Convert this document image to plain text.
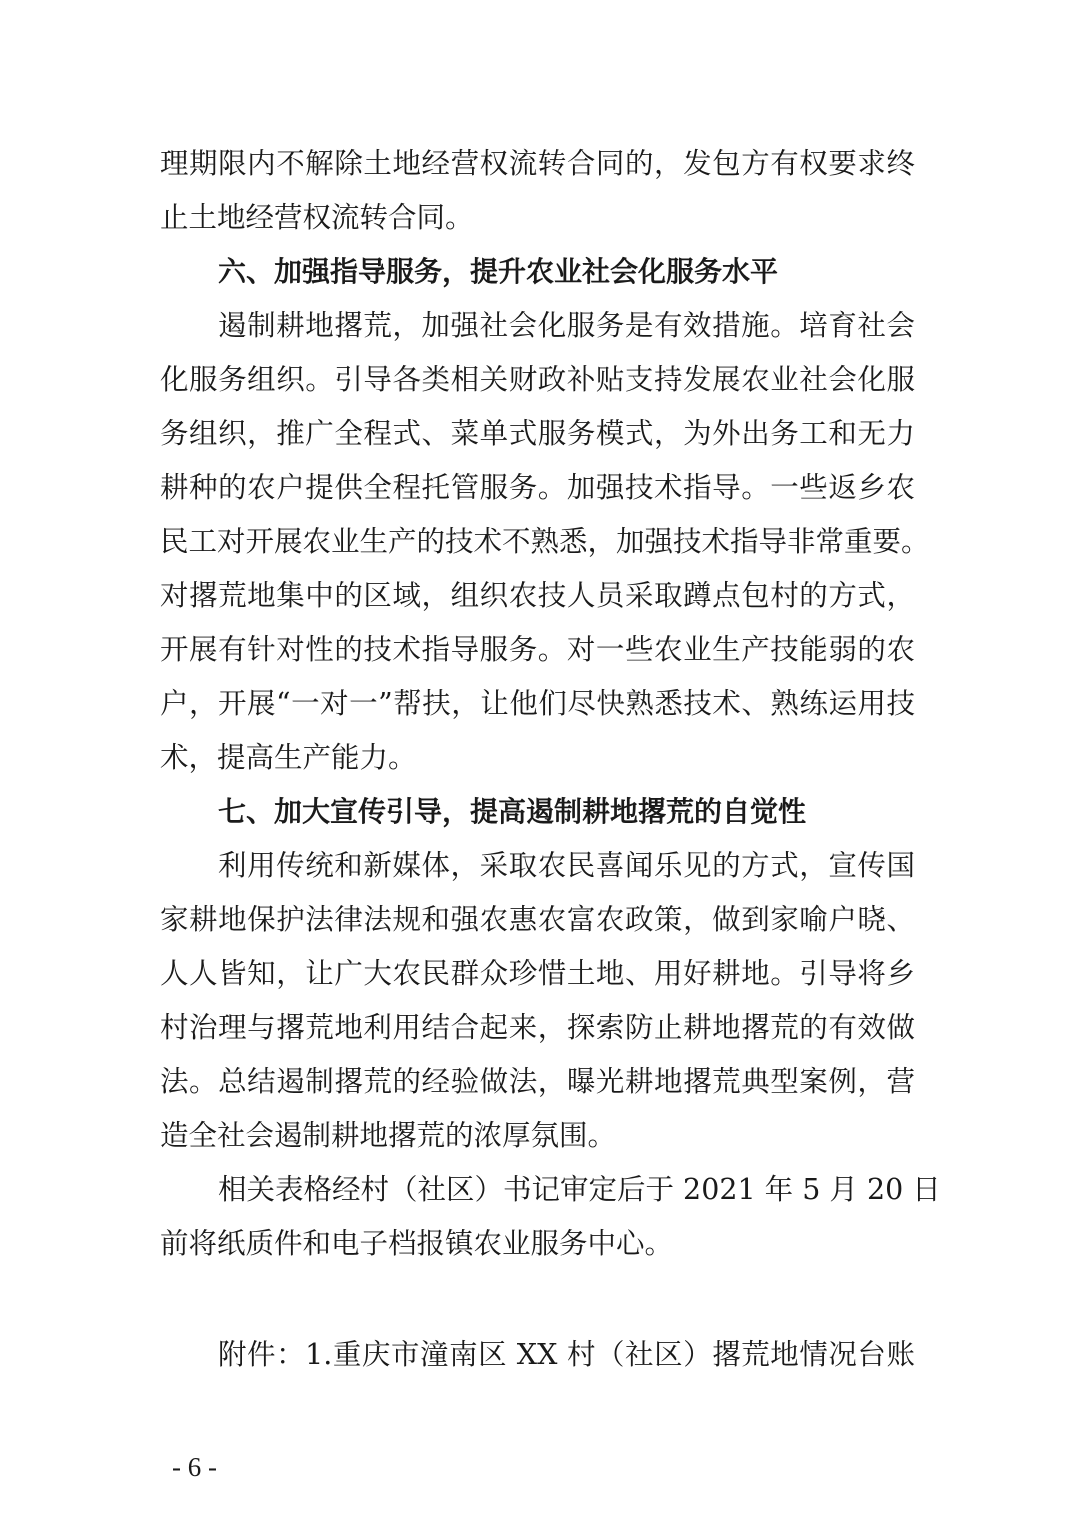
理期限内不解除土地经营权流转合同的，发包方有权要求终
止土地经营权流转合同。
六、加强指导服务，提升农业社会化服务水平
遏制耕地撂荒，加强社会化服务是有效措施。培育社会
化服务组织。引导各类相关财政补贴支持发展农业社会化服
务组织，推广全程式、菜单式服务模式，为外出务工和无力
耕种的农户提供全程托管服务。加强技术指导。一些返乡农
民工对开展农业生产的技术不熟悉，加强技术指导非常重要。
对撂荒地集中的区域，组织农技人员采取蹲点包村的方式，
开展有针对性的技术指导服务。对一些农业生产技能弱的农
户，开展“一对一”帮扶，让他们尽快熟悉技术、熟练运用技
术，提高生产能力。
七、加大宣传引导，提高遏制耕地撂荒的自觉性
利用传统和新媒体，采取农民喜闻乐见的方式，宣传国
家耕地保护法律法规和强农惠农富农政策，做到家喻户晓、
人人皆知，让广大农民群众珍惜土地、用好耕地。引导将乡
村治理与撂荒地利用结合起来，探索防止耕地撂荒的有效做
法。总结遏制撂荒的经验做法，曝光耕地撂荒典型案例，营
造全社会遏制耕地撂荒的浓厚氛围。
相关表格经村（社区）书记审定后于 2021 年 5 月 20 日
前将纸质件和电子档报镇农业服务中心。
附件：1.重庆市潼南区 XX 村（社区）撂荒地情况台账
- 6 -
